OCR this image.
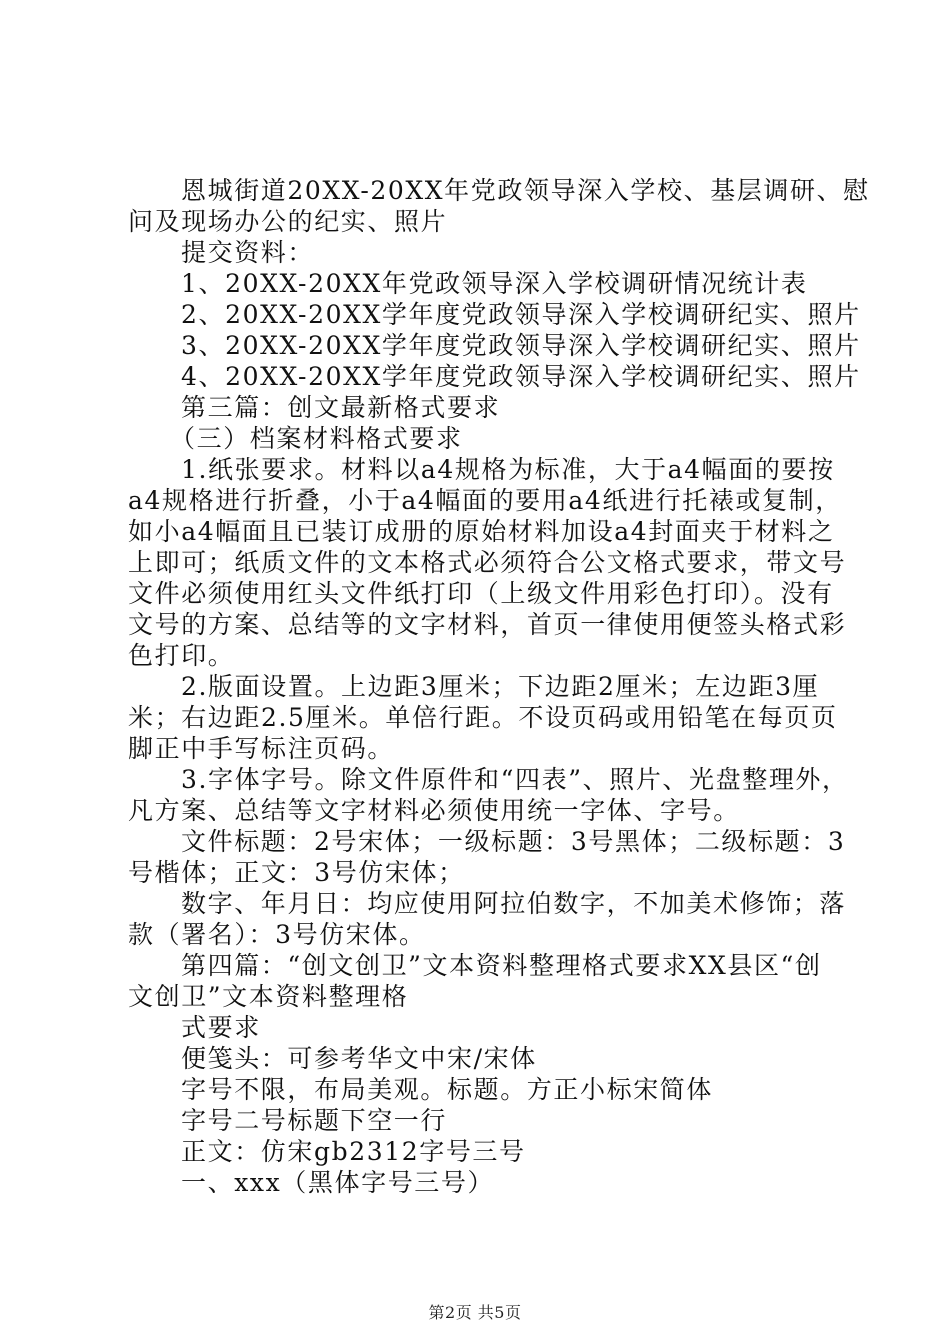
恩城街道20XX-20XX年党政领导深入学校、基层调研、慰
问及现场办公的纪实、照片
提交资料：
1、20XX-20XX年党政领导深入学校调研情况统计表
2、20XX-20XX学年度党政领导深入学校调研纪实、照片
3、20XX-20XX学年度党政领导深入学校调研纪实、照片
4、20XX-20XX学年度党政领导深入学校调研纪实、照片
第三篇：创文最新格式要求
（三）档案材料格式要求
1.纸张要求。材料以a4规格为标准，大于a4幅面的要按
a4规格进行折叠，小于a4幅面的要用a4纸进行托裱或复制，
如小a4幅面且已装订成册的原始材料加设a4封面夹于材料之
上即可；纸质文件的文本格式必须符合公文格式要求，带文号
文件必须使用红头文件纸打印（上级文件用彩色打印）。没有
文号的方案、总结等的文字材料，首页一律使用便签头格式彩
色打印。
2.版面设置。上边距3厘米；下边距2厘米；左边距3厘
米；右边距2.5厘米。单倍行距。不设页码或用铅笔在每页页
脚正中手写标注页码。
3.字体字号。除文件原件和“四表”、照片、光盘整理外，
凡方案、总结等文字材料必须使用统一字体、字号。
文件标题：2号宋体；一级标题：3号黑体；二级标题：3
号楷体；正文：3号仿宋体；
数字、年月日：均应使用阿拉伯数字，不加美术修饰；落
款（署名）：3号仿宋体。
第四篇：“创文创卫”文本资料整理格式要求XX县区“创
文创卫”文本资料整理格
式要求
便笺头：可参考华文中宋/宋体
字号不限，布局美观。标题。方正小标宋简体
字号二号标题下空一行
正文：仿宋gb2312字号三号
一、xxx（黑体字号三号）
第2页 共5页
